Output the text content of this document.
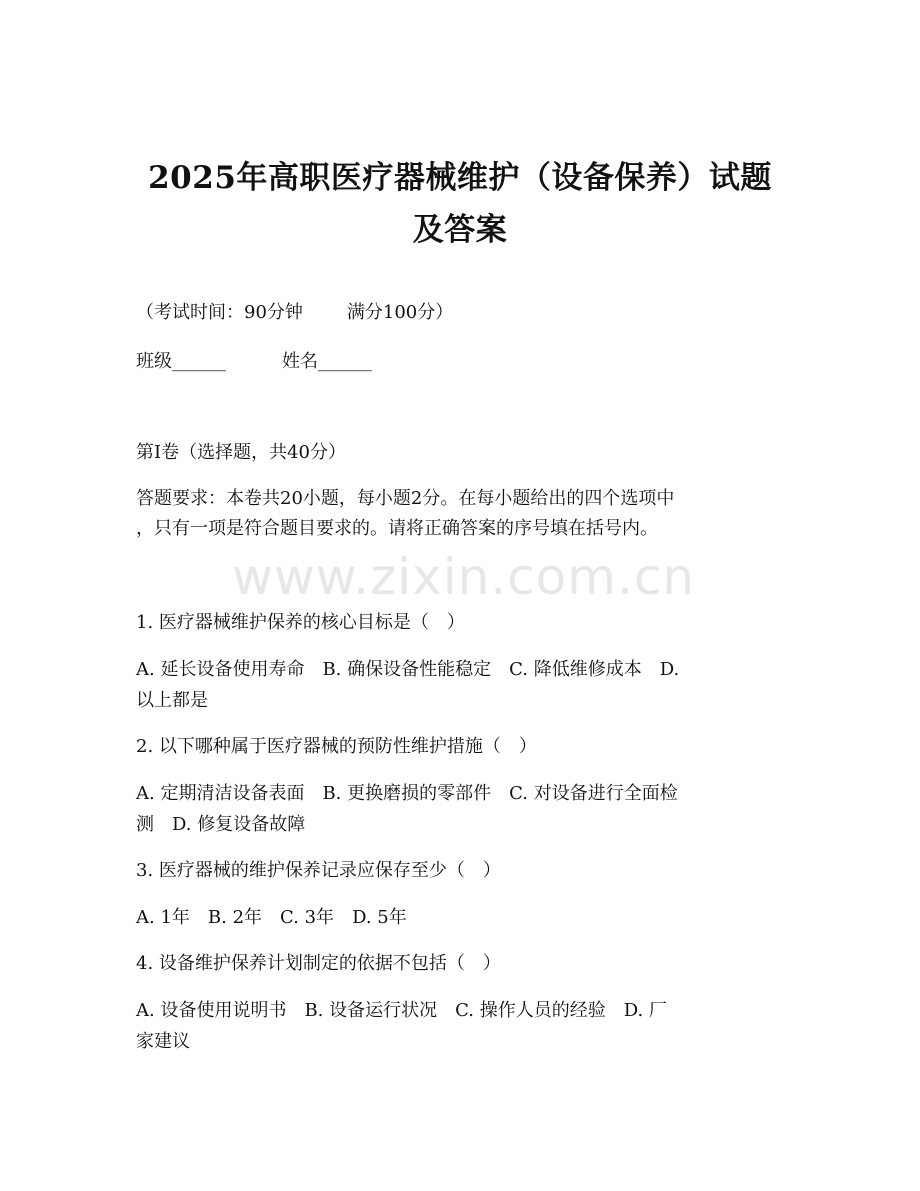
2025年高职医疗器械维护（设备保养）试题
及答案
（考试时间：90分钟 满分100分）
班级______	姓名______
第Ⅰ卷（选择题，共40分）
答题要求：本卷共20小题，每小题2分。在每小题给出的四个选项中
，只有一项是符合题目要求的。请将正确答案的序号填在括号内。
www.zixin.com.cn
1. 医疗器械维护保养的核心目标是（　）
A. 延长设备使用寿命 B. 确保设备性能稳定 C. 降低维修成本 D.
以上都是
2. 以下哪种属于医疗器械的预防性维护措施（　）
A. 定期清洁设备表面 B. 更换磨损的零部件 C. 对设备进行全面检
测 D. 修复设备故障
3. 医疗器械的维护保养记录应保存至少（　）
A. 1年 B. 2年 C. 3年 D. 5年
4. 设备维护保养计划制定的依据不包括（　）
A. 设备使用说明书 B. 设备运行状况 C. 操作人员的经验 D. 厂
家建议
